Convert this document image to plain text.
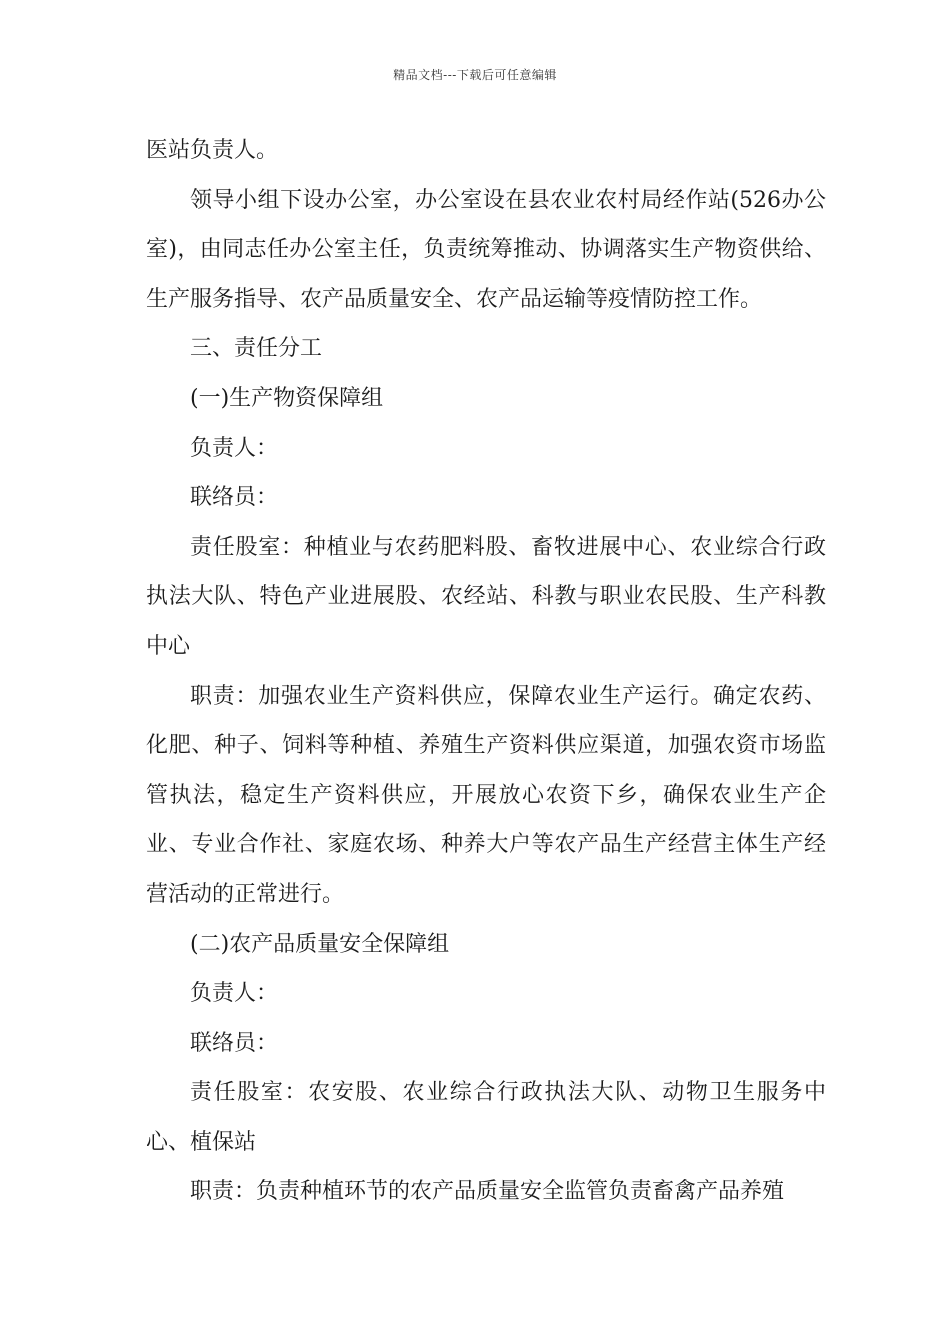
精品文档---下载后可任意编辑

医站负责人。

领导小组下设办公室，办公室设在县农业农村局经作站(526办公室)，由同志任办公室主任，负责统筹推动、协调落实生产物资供给、生产服务指导、农产品质量安全、农产品运输等疫情防控工作。

三、责任分工

(一)生产物资保障组

负责人：

联络员：

责任股室：种植业与农药肥料股、畜牧进展中心、农业综合行政执法大队、特色产业进展股、农经站、科教与职业农民股、生产科教中心

职责：加强农业生产资料供应，保障农业生产运行。确定农药、化肥、种子、饲料等种植、养殖生产资料供应渠道，加强农资市场监管执法，稳定生产资料供应，开展放心农资下乡，确保农业生产企业、专业合作社、家庭农场、种养大户等农产品生产经营主体生产经营活动的正常进行。

(二)农产品质量安全保障组

负责人：

联络员：

责任股室：农安股、农业综合行政执法大队、动物卫生服务中心、植保站

职责：负责种植环节的农产品质量安全监管负责畜禽产品养殖
